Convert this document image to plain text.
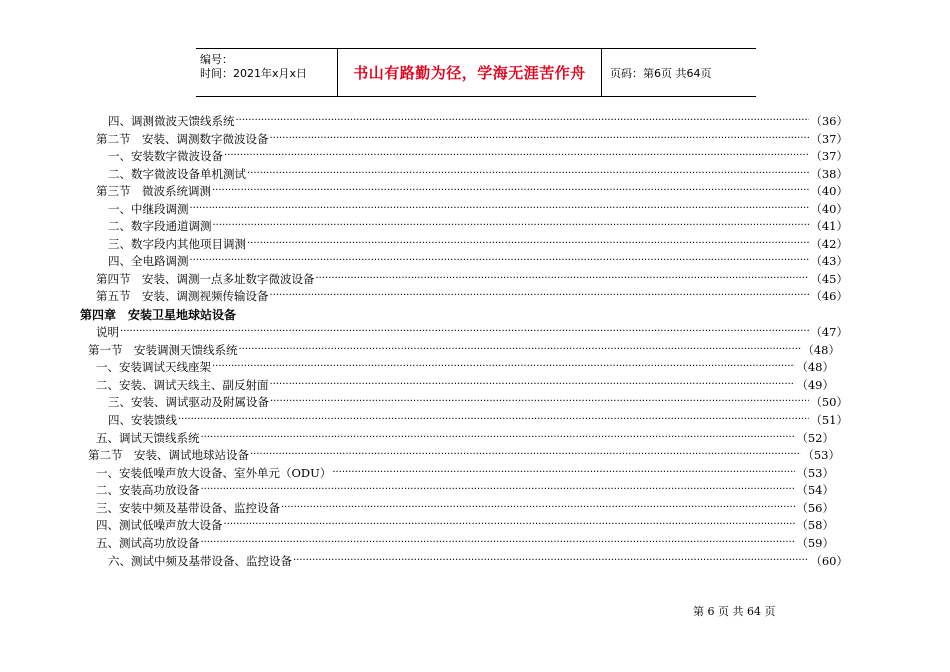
编号：
时间：2021年x月x日	书山有路勤为径，学海无涯苦作舟	页码：第6页 共64页
四、调测微波天馈线系统 ·····	（36）
第二节　安装、调测数字微波设备 ·····	（37）
一、安装数字微波设备 ·····	（37）
二、数字微波设备单机测试 ·····	（38）
第三节　微波系统调测 ·····	（40）
一、中继段调测 ·····	（40）
二、数字段通道调测 ·····	（41）
三、数字段内其他项目调测 ·····	（42）
四、全电路调测 ·····	（43）
第四节　安装、调测一点多址数字微波设备 ·····	（45）
第五节　安装、调测视频传输设备 ·····	（46）
第四章　安装卫星地球站设备
说明 ·····	（47）
第一节　安装调测天馈线系统 ·····	（48）
一、安装调试天线座架 ·····	（48）
二、安装、调试天线主、副反射面 ·····	（49）
三、安装、调试驱动及附属设备 ·····	（50）
四、安装馈线 ·····	（51）
五、调试天馈线系统 ·····	（52）
第二节　安装、调试地球站设备 ·····	（53）
一、安装低噪声放大设备、室外单元（ODU） ·····	（53）
二、安装高功放设备 ·····	（54）
三、安装中频及基带设备、监控设备 ·····	（56）
四、测试低噪声放大设备 ·····	（58）
五、测试高功放设备 ·····	（59）
六、测试中频及基带设备、监控设备 ·····	（60）
第 6 页 共 64 页
